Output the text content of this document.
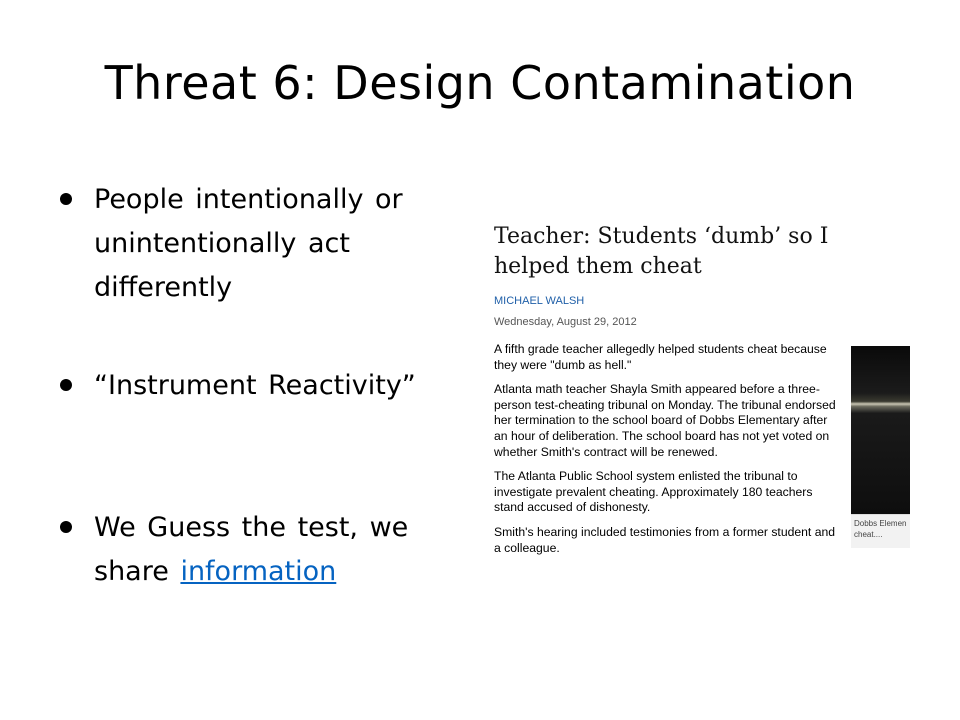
Threat 6: Design Contamination
People intentionally or unintentionally act differently
“Instrument Reactivity”
We Guess the test, we share information
Teacher: Students ‘dumb’ so I helped them cheat
MICHAEL WALSH
Wednesday, August 29, 2012

A fifth grade teacher allegedly helped students cheat because they were "dumb as hell."

Atlanta math teacher Shayla Smith appeared before a three-person test-cheating tribunal on Monday. The tribunal endorsed her termination to the school board of Dobbs Elementary after an hour of deliberation. The school board has not yet voted on whether Smith's contract will be renewed.

The Atlanta Public School system enlisted the tribunal to investigate prevalent cheating. Approximately 180 teachers stand accused of dishonesty.

Smith's hearing included testimonies from a former student and a colleague.

Dobbs Elemen
cheat....
